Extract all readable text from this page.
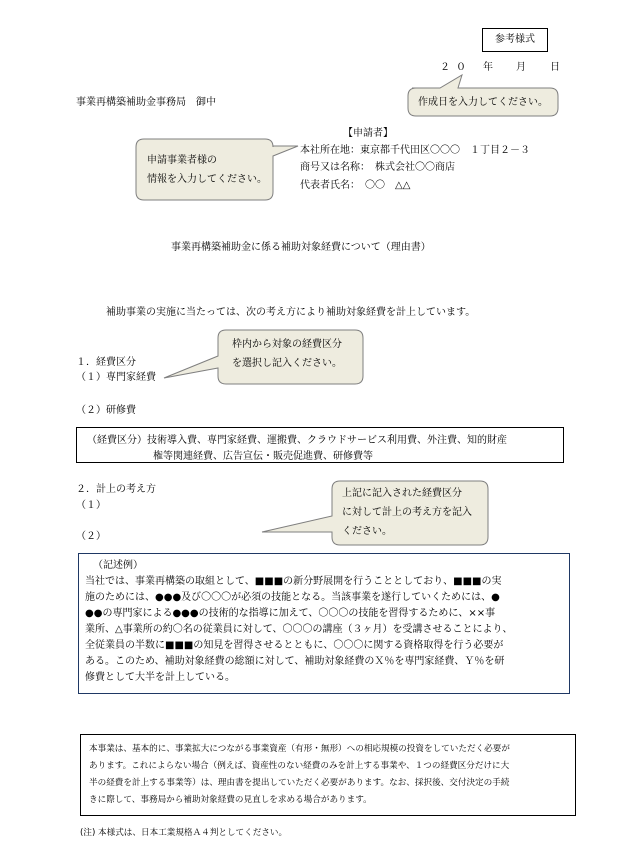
参考様式
２０ 年 月 日
事業再構築補助金事務局　御中	作成日を入力してください。
【申請者】
本社所在地：東京都千代田区〇〇〇　１丁目２－３
商号又は名称：　株式会社〇〇商店
代表者氏名：　〇〇　△△
申請事業者様の
情報を入力してください。
事業再構築補助金に係る補助対象経費について（理由書）
補助事業の実施に当たっては、次の考え方により補助対象経費を計上しています。
１．経費区分
（１）専門家経費
（２）研修費
枠内から対象の経費区分
を選択し記入ください。
（経費区分）技術導入費、専門家経費、運搬費、クラウドサービス利用費、外注費、知的財産
権等関連経費、広告宣伝・販売促進費、研修費等
２．計上の考え方
（１）
（２）
上記に記入された経費区分
に対して計上の考え方を記入
ください。
（記述例）
当社では、事業再構築の取組として、■■■の新分野展開を行うこととしており、■■■の実
施のためには、●●●及び〇〇〇が必須の技能となる。当該事業を遂行していくためには、●
●●の専門家による●●●の技術的な指導に加えて、〇〇〇の技能を習得するために、××事
業所、△事業所の約〇名の従業員に対して、〇〇〇の講座（３ヶ月）を受講させることにより、
全従業員の半数に■■■の知見を習得させるとともに、〇〇〇に関する資格取得を行う必要が
ある。このため、補助対象経費の総額に対して、補助対象経費のＸ％を専門家経費、Ｙ％を研
修費として大半を計上している。
本事業は、基本的に、事業拡大につながる事業資産（有形・無形）への相応規模の投資をしていただく必要が
あります。これによらない場合（例えば、資産性のない経費のみを計上する事業や、１つの経費区分だけに大
半の経費を計上する事業等）は、理由書を提出していただく必要があります。なお、採択後、交付決定の手続
きに際して、事務局から補助対象経費の見直しを求める場合があります。
(注) 本様式は、日本工業規格Ａ４判としてください。
